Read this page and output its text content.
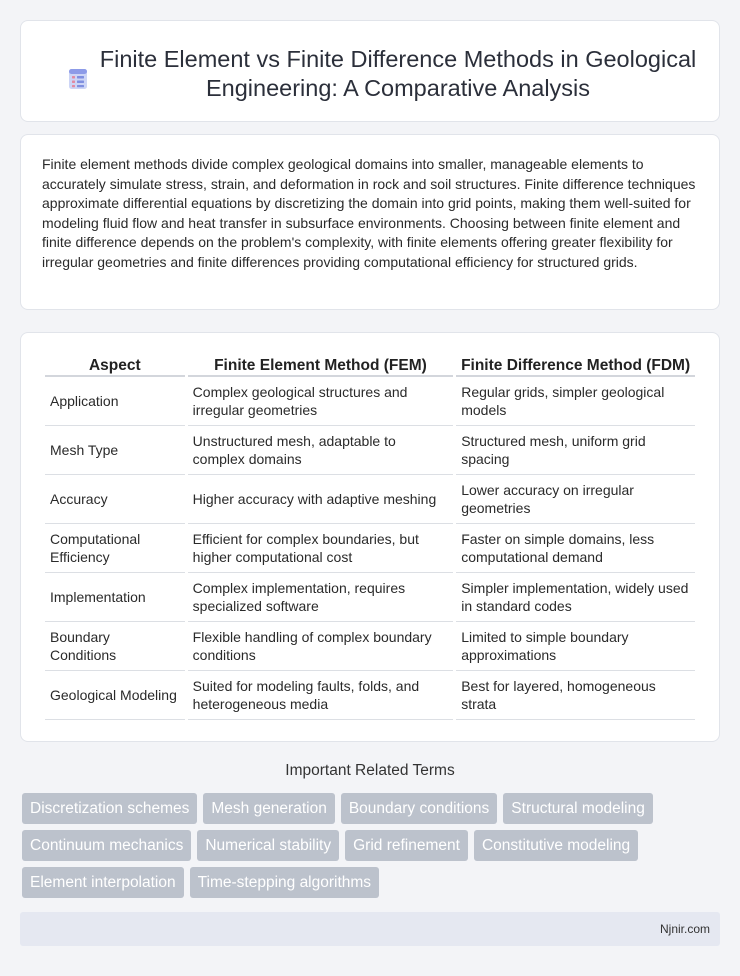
Finite Element vs Finite Difference Methods in Geological Engineering: A Comparative Analysis

Finite element methods divide complex geological domains into smaller, manageable elements to accurately simulate stress, strain, and deformation in rock and soil structures. Finite difference techniques approximate differential equations by discretizing the domain into grid points, making them well-suited for modeling fluid flow and heat transfer in subsurface environments. Choosing between finite element and finite difference depends on the problem's complexity, with finite elements offering greater flexibility for irregular geometries and finite differences providing computational efficiency for structured grids.

Aspect	Finite Element Method (FEM)	Finite Difference Method (FDM)
Application	Complex geological structures and irregular geometries	Regular grids, simpler geological models
Mesh Type	Unstructured mesh, adaptable to complex domains	Structured mesh, uniform grid spacing
Accuracy	Higher accuracy with adaptive meshing	Lower accuracy on irregular geometries
Computational Efficiency	Efficient for complex boundaries, but higher computational cost	Faster on simple domains, less computational demand
Implementation	Complex implementation, requires specialized software	Simpler implementation, widely used in standard codes
Boundary Conditions	Flexible handling of complex boundary conditions	Limited to simple boundary approximations
Geological Modeling	Suited for modeling faults, folds, and heterogeneous media	Best for layered, homogeneous strata
Important Related Terms
Discretization schemes	Mesh generation	Boundary conditions	Structural modeling
Continuum mechanics	Numerical stability	Grid refinement	Constitutive modeling
Element interpolation	Time-stepping algorithms
Njnir.com
